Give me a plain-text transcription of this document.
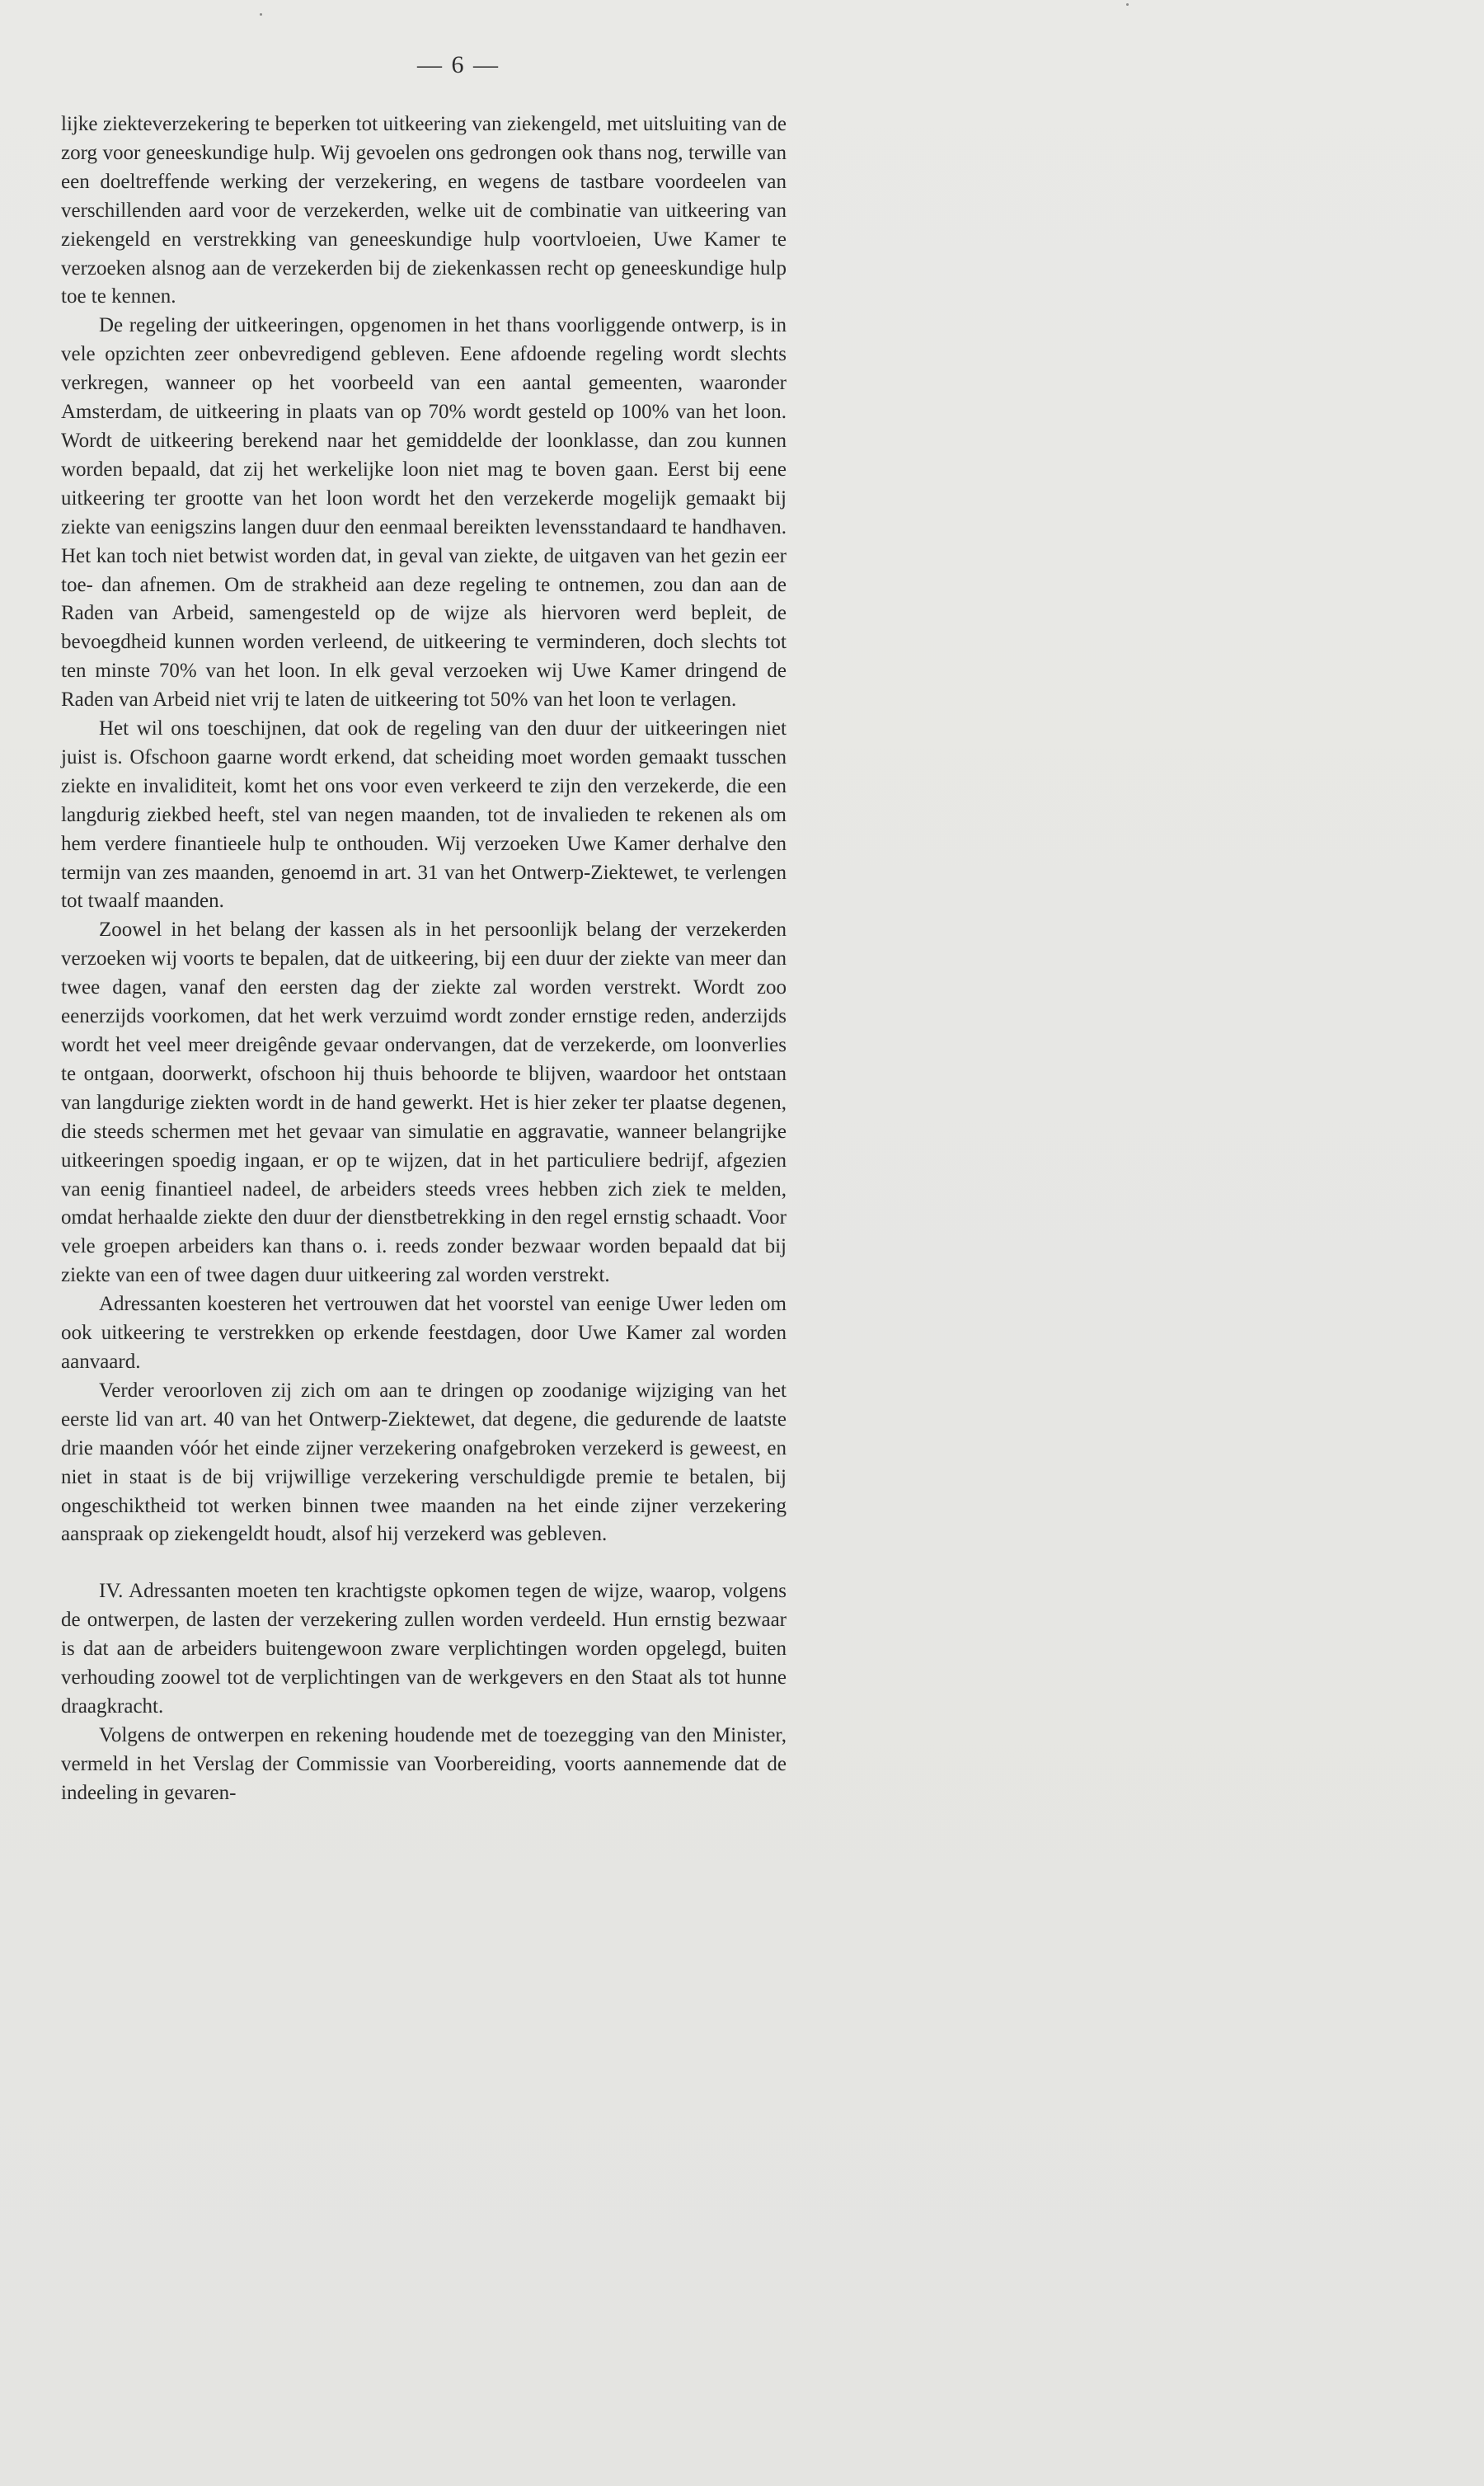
— 6 —

lijke ziekteverzekering te beperken tot uitkeering van ziekengeld, met uitsluiting van de zorg voor geneeskundige hulp. Wij gevoelen ons gedrongen ook thans nog, terwille van een doeltreffende werking der verzekering, en wegens de tastbare voordeelen van verschillenden aard voor de verzekerden, welke uit de combinatie van uitkeering van ziekengeld en verstrekking van geneeskundige hulp voortvloeien, Uwe Kamer te verzoeken alsnog aan de verzekerden bij de ziekenkassen recht op geneeskundige hulp toe te kennen.

De regeling der uitkeeringen, opgenomen in het thans voorliggende ontwerp, is in vele opzichten zeer onbevredigend gebleven. Eene afdoende regeling wordt slechts verkregen, wanneer op het voorbeeld van een aantal gemeenten, waaronder Amsterdam, de uitkeering in plaats van op 70% wordt gesteld op 100% van het loon. Wordt de uitkeering berekend naar het gemiddelde der loonklasse, dan zou kunnen worden bepaald, dat zij het werkelijke loon niet mag te boven gaan. Eerst bij eene uitkeering ter grootte van het loon wordt het den verzekerde mogelijk gemaakt bij ziekte van eenigszins langen duur den eenmaal bereikten levensstandaard te handhaven. Het kan toch niet betwist worden dat, in geval van ziekte, de uitgaven van het gezin eer toe- dan afnemen. Om de strakheid aan deze regeling te ontnemen, zou dan aan de Raden van Arbeid, samengesteld op de wijze als hiervoren werd bepleit, de bevoegdheid kunnen worden verleend, de uitkeering te verminderen, doch slechts tot ten minste 70% van het loon. In elk geval verzoeken wij Uwe Kamer dringend de Raden van Arbeid niet vrij te laten de uitkeering tot 50% van het loon te verlagen.

Het wil ons toeschijnen, dat ook de regeling van den duur der uitkeeringen niet juist is. Ofschoon gaarne wordt erkend, dat scheiding moet worden gemaakt tusschen ziekte en invaliditeit, komt het ons voor even verkeerd te zijn den verzekerde, die een langdurig ziekbed heeft, stel van negen maanden, tot de invalieden te rekenen als om hem verdere finantieele hulp te onthouden. Wij verzoeken Uwe Kamer derhalve den termijn van zes maanden, genoemd in art. 31 van het Ontwerp-Ziektewet, te verlengen tot twaalf maanden.

Zoowel in het belang der kassen als in het persoonlijk belang der verzekerden verzoeken wij voorts te bepalen, dat de uitkeering, bij een duur der ziekte van meer dan twee dagen, vanaf den eersten dag der ziekte zal worden verstrekt. Wordt zoo eenerzijds voorkomen, dat het werk verzuimd wordt zonder ernstige reden, anderzijds wordt het veel meer dreigênde gevaar ondervangen, dat de verzekerde, om loonverlies te ontgaan, doorwerkt, ofschoon hij thuis behoorde te blijven, waardoor het ontstaan van langdurige ziekten wordt in de hand gewerkt. Het is hier zeker ter plaatse degenen, die steeds schermen met het gevaar van simulatie en aggravatie, wanneer belangrijke uitkeeringen spoedig ingaan, er op te wijzen, dat in het particuliere bedrijf, afgezien van eenig finantieel nadeel, de arbeiders steeds vrees hebben zich ziek te melden, omdat herhaalde ziekte den duur der dienstbetrekking in den regel ernstig schaadt. Voor vele groepen arbeiders kan thans o. i. reeds zonder bezwaar worden bepaald dat bij ziekte van een of twee dagen duur uitkeering zal worden verstrekt.

Adressanten koesteren het vertrouwen dat het voorstel van eenige Uwer leden om ook uitkeering te verstrekken op erkende feestdagen, door Uwe Kamer zal worden aanvaard.

Verder veroorloven zij zich om aan te dringen op zoodanige wijziging van het eerste lid van art. 40 van het Ontwerp-Ziektewet, dat degene, die gedurende de laatste drie maanden vóór het einde zijner verzekering onafgebroken verzekerd is geweest, en niet in staat is de bij vrijwillige verzekering verschuldigde premie te betalen, bij ongeschiktheid tot werken binnen twee maanden na het einde zijner verzekering aanspraak op ziekengeldt houdt, alsof hij verzekerd was gebleven.

IV. Adressanten moeten ten krachtigste opkomen tegen de wijze, waarop, volgens de ontwerpen, de lasten der verzekering zullen worden verdeeld. Hun ernstig bezwaar is dat aan de arbeiders buitengewoon zware verplichtingen worden opgelegd, buiten verhouding zoowel tot de verplichtingen van de werkgevers en den Staat als tot hunne draagkracht.

Volgens de ontwerpen en rekening houdende met de toezegging van den Minister, vermeld in het Verslag der Commissie van Voorbereiding, voorts aannemende dat de indeeling in gevaren-
